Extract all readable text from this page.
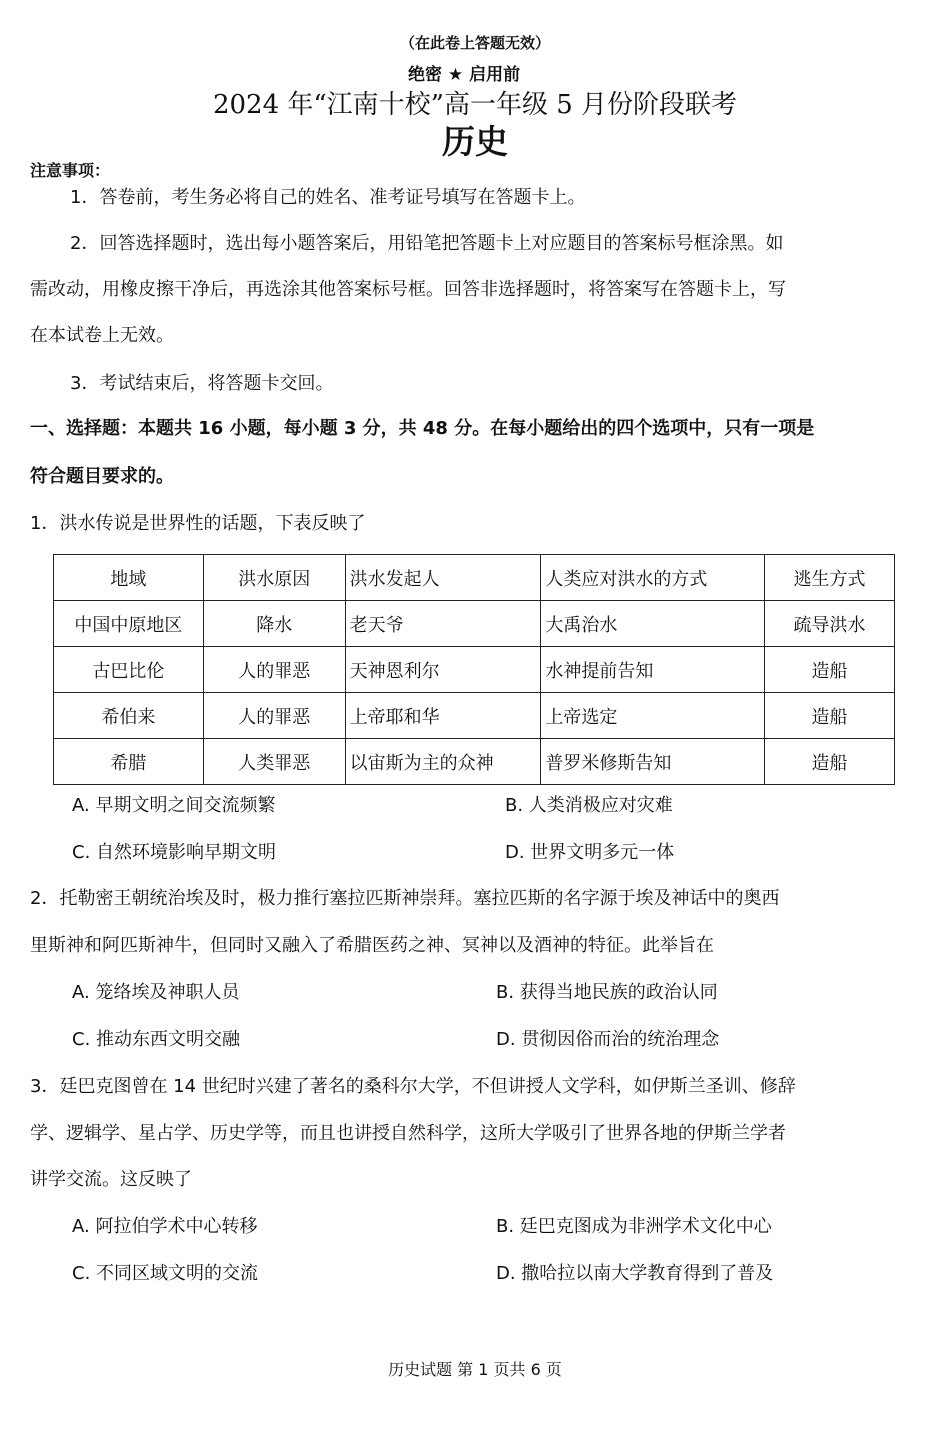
（在此卷上答题无效）
绝密 ★ 启用前
2024 年“江南十校”高一年级 5 月份阶段联考
历史
注意事项：
1．答卷前，考生务必将自己的姓名、准考证号填写在答题卡上。
2．回答选择题时，选出每小题答案后，用铅笔把答题卡上对应题目的答案标号框涂黑。如
需改动，用橡皮擦干净后，再选涂其他答案标号框。回答非选择题时，将答案写在答题卡上，写
在本试卷上无效。
3．考试结束后，将答题卡交回。
一、选择题：本题共 16 小题，每小题 3 分，共 48 分。在每小题给出的四个选项中，只有一项是
符合题目要求的。
1．洪水传说是世界性的话题，下表反映了
地域	洪水原因	洪水发起人	人类应对洪水的方式	逃生方式
中国中原地区	降水	老天爷	大禹治水	疏导洪水
古巴比伦	人的罪恶	天神恩利尔	水神提前告知	造船
希伯来	人的罪恶	上帝耶和华	上帝选定	造船
希腊	人类罪恶	以宙斯为主的众神	普罗米修斯告知	造船
A. 早期文明之间交流频繁	B. 人类消极应对灾难
C. 自然环境影响早期文明	D. 世界文明多元一体
2．托勒密王朝统治埃及时，极力推行塞拉匹斯神崇拜。塞拉匹斯的名字源于埃及神话中的奥西
里斯神和阿匹斯神牛，但同时又融入了希腊医药之神、冥神以及酒神的特征。此举旨在
A. 笼络埃及神职人员	B. 获得当地民族的政治认同
C. 推动东西文明交融	D. 贯彻因俗而治的统治理念
3．廷巴克图曾在 14 世纪时兴建了著名的桑科尔大学，不但讲授人文学科，如伊斯兰圣训、修辞
学、逻辑学、星占学、历史学等，而且也讲授自然科学，这所大学吸引了世界各地的伊斯兰学者
讲学交流。这反映了
A. 阿拉伯学术中心转移	B. 廷巴克图成为非洲学术文化中心
C. 不同区域文明的交流	D. 撒哈拉以南大学教育得到了普及
历史试题 第 1 页共 6 页
